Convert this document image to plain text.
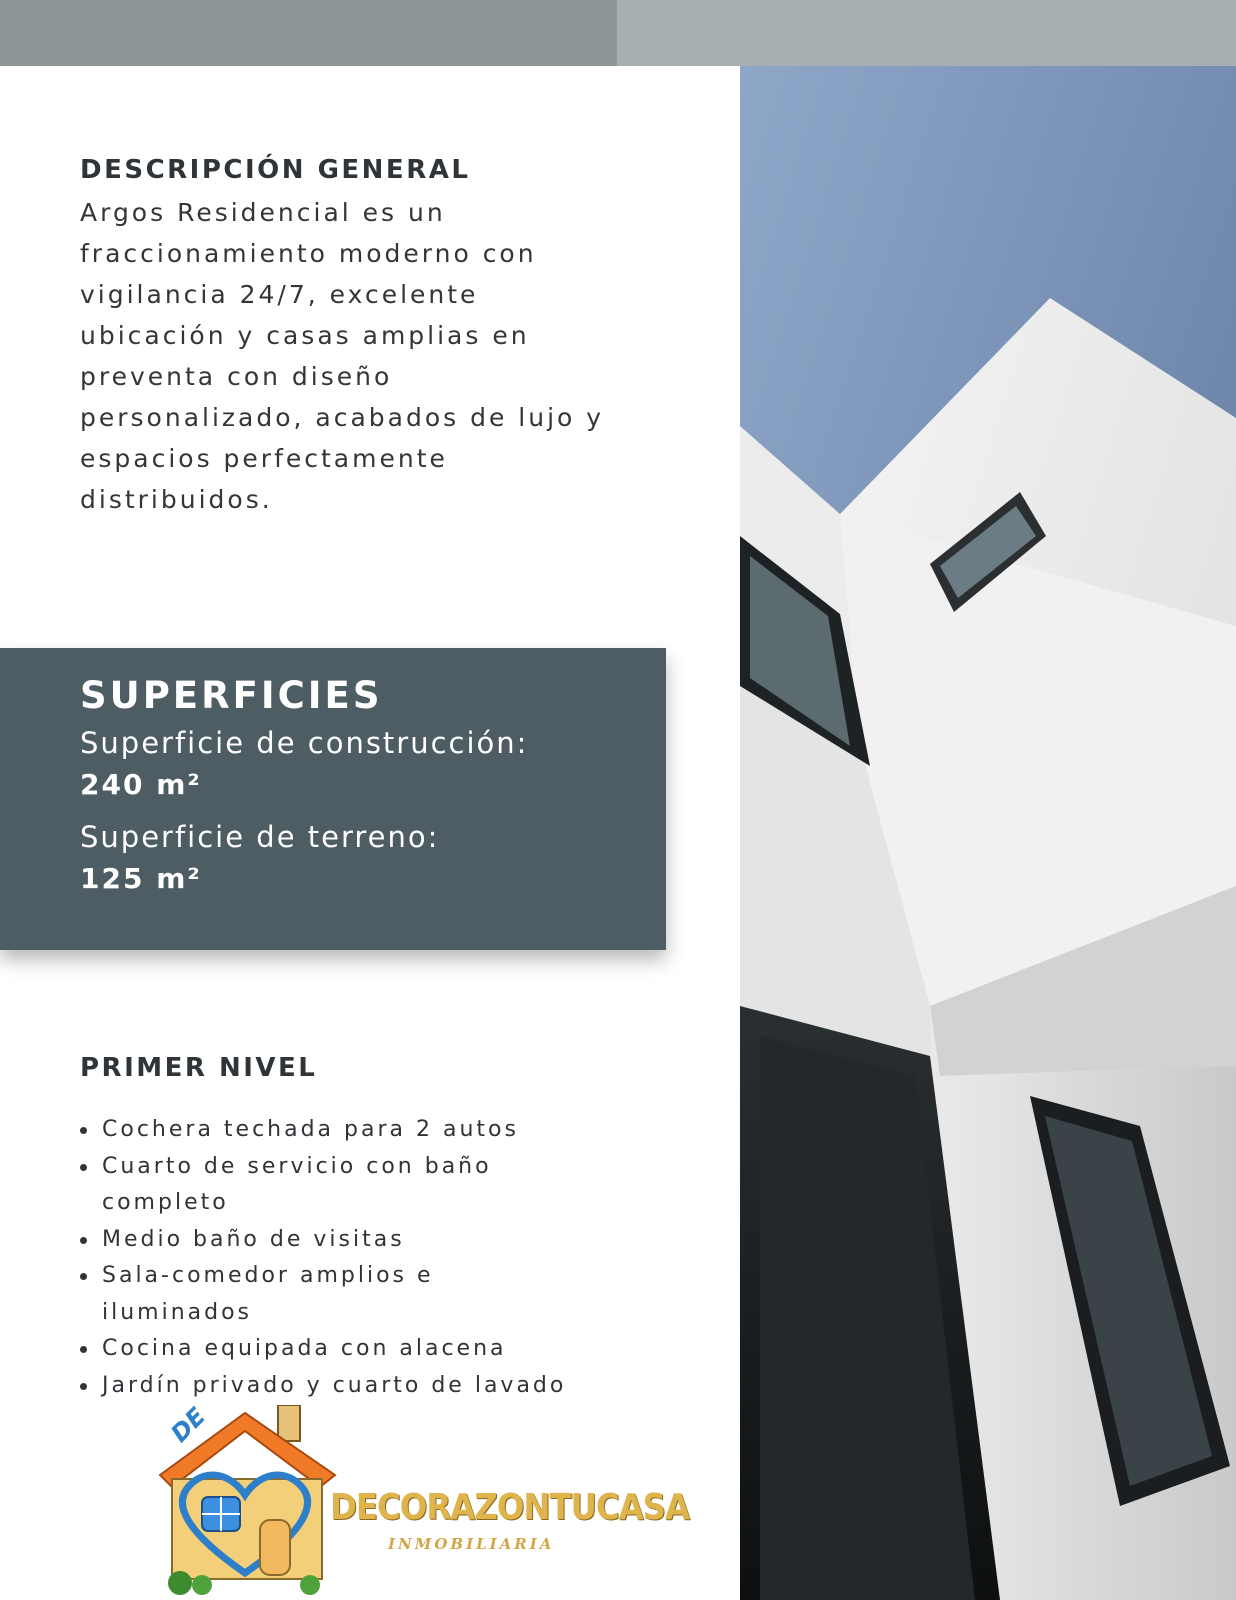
DESCRIPCIÓN GENERAL

Argos Residencial es un
fraccionamiento moderno con
vigilancia 24/7, excelente
ubicación y casas amplias en
preventa con diseño
personalizado, acabados de lujo y
espacios perfectamente
distribuidos.

SUPERFICIES

Superficie de construcción:

240 m²

Superficie de terreno:

125 m²

PRIMER NIVEL
Cochera techada para 2 autos
Cuarto de servicio con baño
completo
Medio baño de visitas
Sala-comedor amplios e
iluminados
Cocina equipada con alacena
Jardín privado y cuarto de lavado
DE
DECORAZONTUCASA
INMOBILIARIA
